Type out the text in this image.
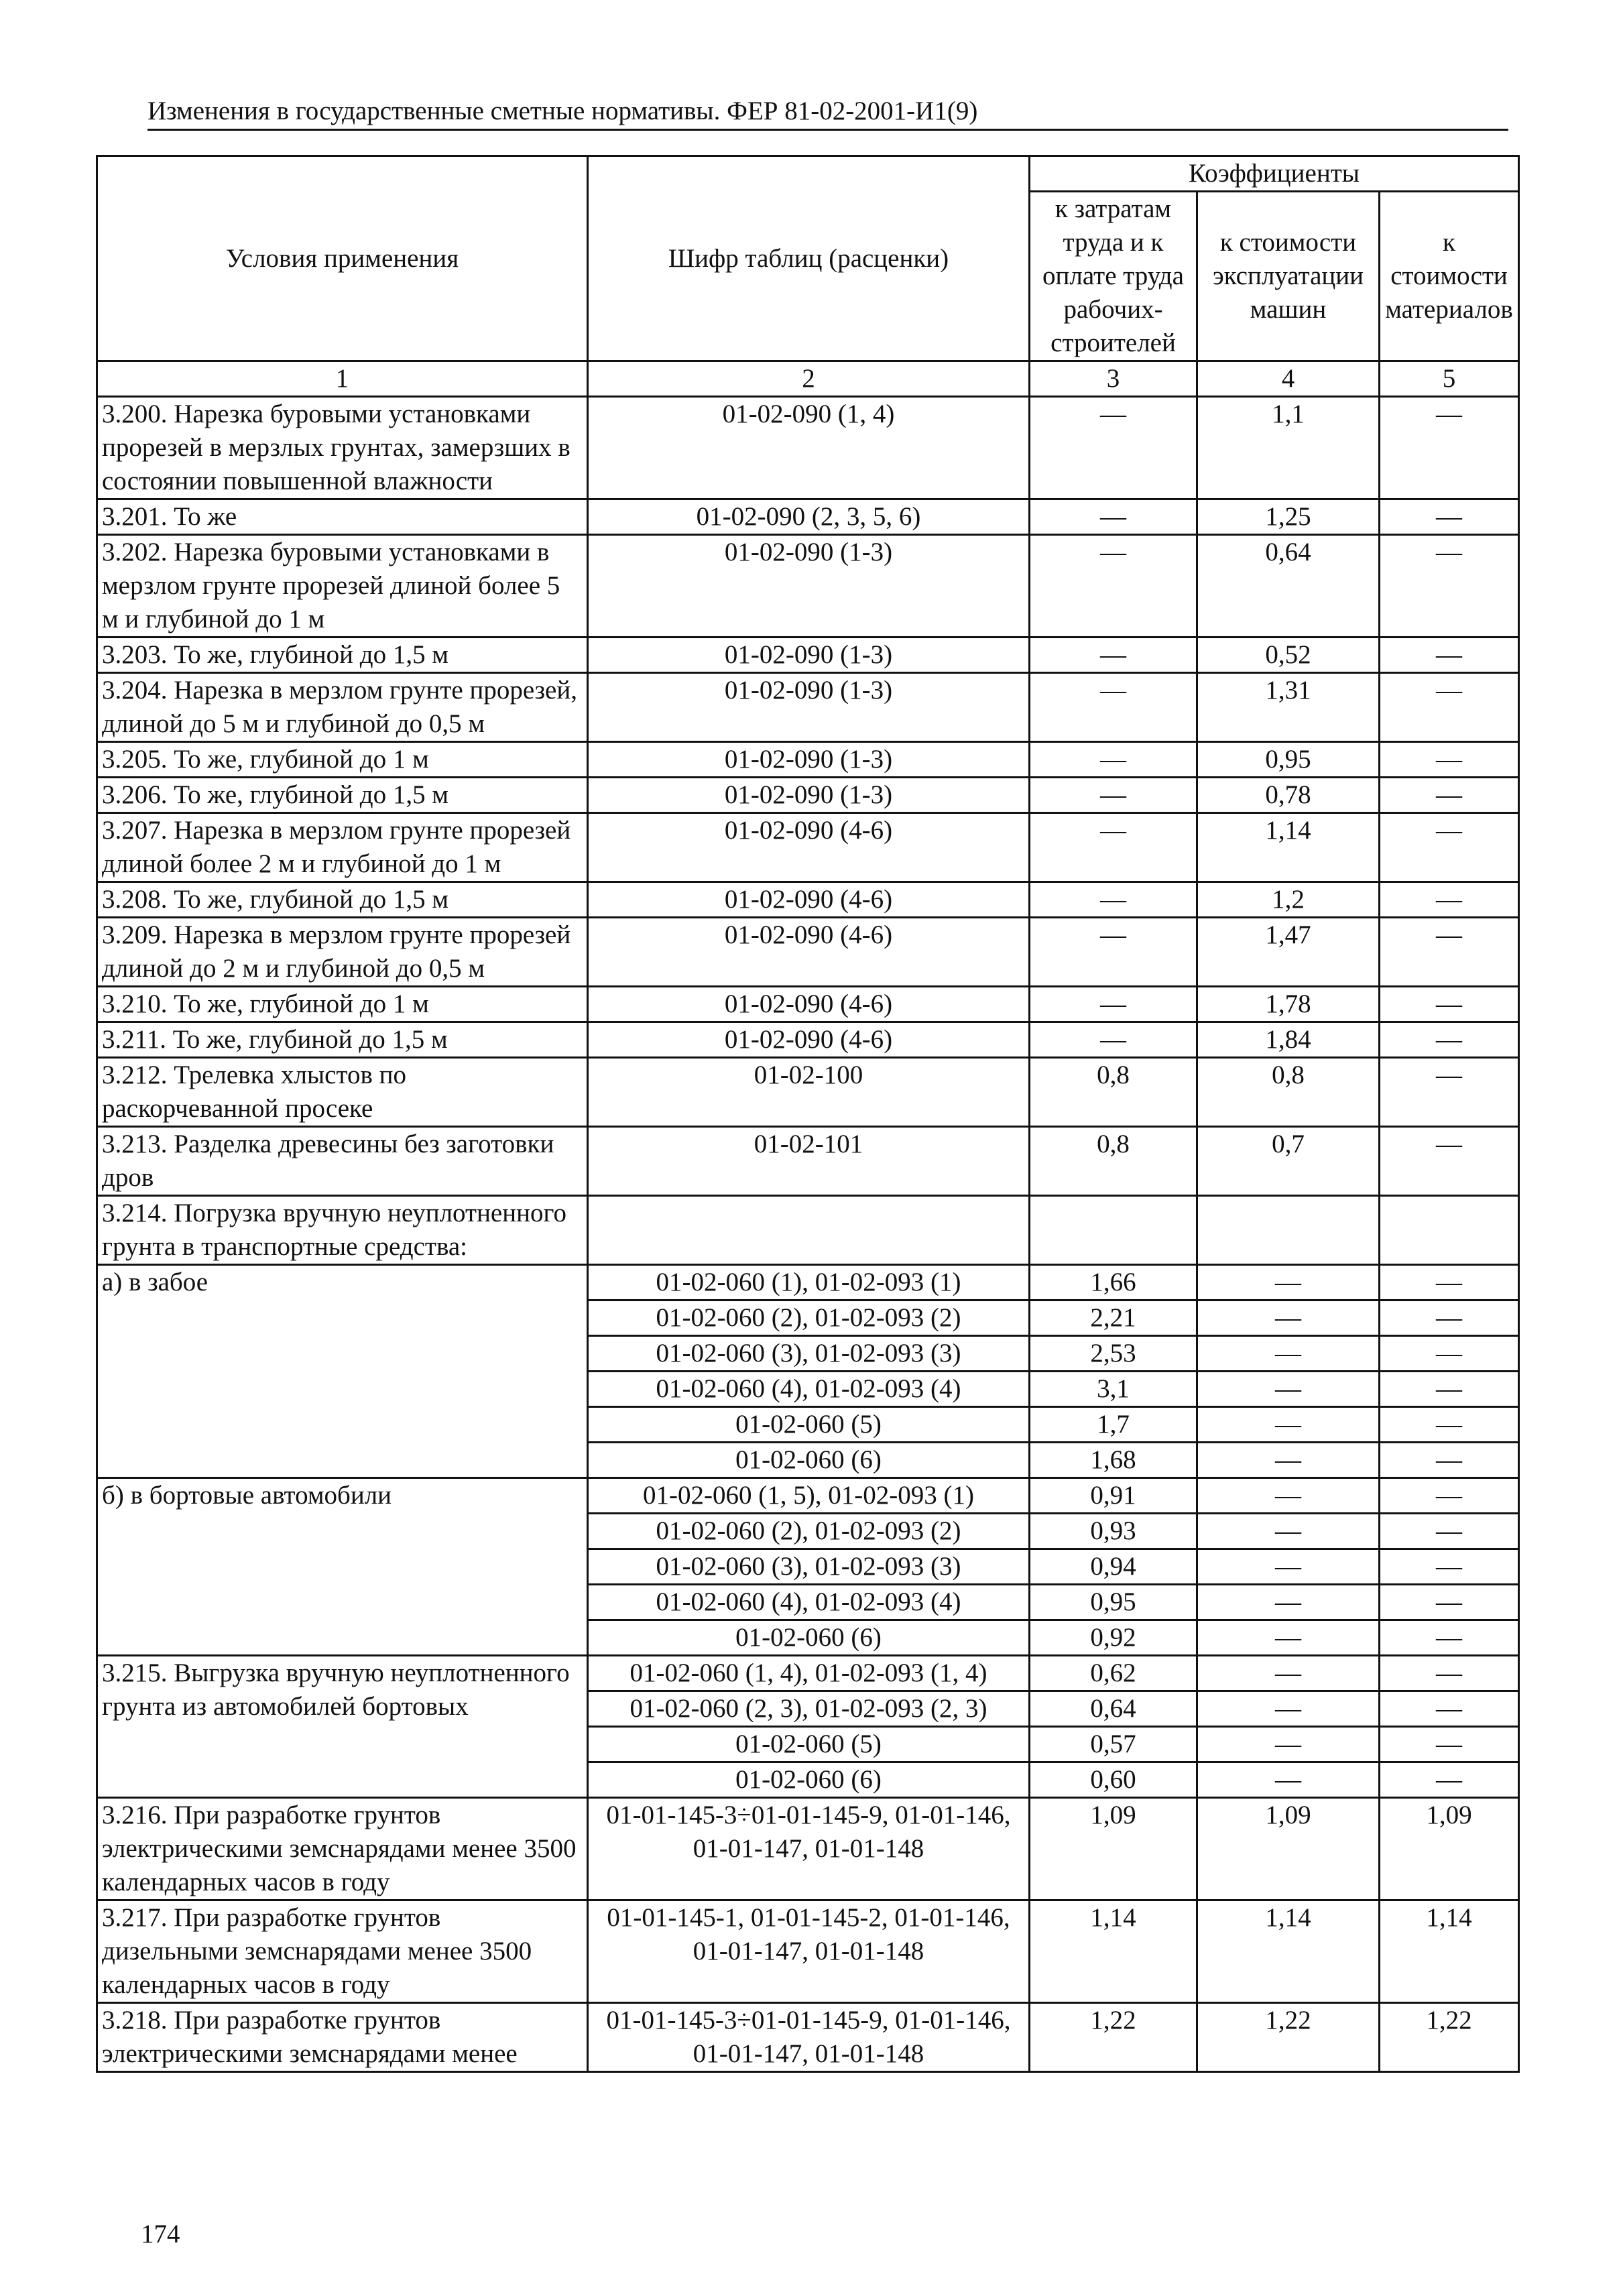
Изменения в государственные сметные нормативы. ФЕР 81-02-2001-И1(9)
Условия применения	Шифр таблиц (расценки)	Коэффициенты		
		к затратам труда и к оплате труда рабочих-строителей	к стоимости эксплуатации машин	к стоимости материалов
1	2	3	4	5
3.200. Нарезка буровыми установками прорезей в мерзлых грунтах, замерзших в состоянии повышенной влажности	01-02-090 (1, 4)	—	1,1	—
3.201. То же	01-02-090 (2, 3, 5, 6)	—	1,25	—
3.202. Нарезка буровыми установками в мерзлом грунте прорезей длиной более 5 м и глубиной до 1 м	01-02-090 (1-3)	—	0,64	—
3.203. То же, глубиной до 1,5 м	01-02-090 (1-3)	—	0,52	—
3.204. Нарезка в мерзлом грунте прорезей, длиной до 5 м и глубиной до 0,5 м	01-02-090 (1-3)	—	1,31	—
3.205. То же, глубиной до 1 м	01-02-090 (1-3)	—	0,95	—
3.206. То же, глубиной до 1,5 м	01-02-090 (1-3)	—	0,78	—
3.207. Нарезка в мерзлом грунте прорезей длиной более 2 м и глубиной до 1 м	01-02-090 (4-6)	—	1,14	—
3.208. То же, глубиной до 1,5 м	01-02-090 (4-6)	—	1,2	—
3.209. Нарезка в мерзлом грунте прорезей длиной до 2 м и глубиной до 0,5 м	01-02-090 (4-6)	—	1,47	—
3.210. То же, глубиной до 1 м	01-02-090 (4-6)	—	1,78	—
3.211. То же, глубиной до 1,5 м	01-02-090 (4-6)	—	1,84	—
3.212. Трелевка хлыстов по раскорчеванной просеке	01-02-100	0,8	0,8	—
3.213. Разделка древесины без заготовки дров	01-02-101	0,8	0,7	—
3.214. Погрузка вручную неуплотненного грунта в транспортные средства:				
а) в забое	01-02-060 (1), 01-02-093 (1)	1,66	—	—
	01-02-060 (2), 01-02-093 (2)	2,21	—	—
	01-02-060 (3), 01-02-093 (3)	2,53	—	—
	01-02-060 (4), 01-02-093 (4)	3,1	—	—
	01-02-060 (5)	1,7	—	—
	01-02-060 (6)	1,68	—	—
б) в бортовые автомобили	01-02-060 (1, 5), 01-02-093 (1)	0,91	—	—
	01-02-060 (2), 01-02-093 (2)	0,93	—	—
	01-02-060 (3), 01-02-093 (3)	0,94	—	—
	01-02-060 (4), 01-02-093 (4)	0,95	—	—
	01-02-060 (6)	0,92	—	—
3.215. Выгрузка вручную неуплотненного грунта из автомобилей бортовых	01-02-060 (1, 4), 01-02-093 (1, 4)	0,62	—	—
	01-02-060 (2, 3), 01-02-093 (2, 3)	0,64	—	—
	01-02-060 (5)	0,57	—	—
	01-02-060 (6)	0,60	—	—
3.216. При разработке грунтов электрическими земснарядами менее 3500 календарных часов в году	01-01-145-3÷01-01-145-9, 01-01-146, 01-01-147, 01-01-148	1,09	1,09	1,09
3.217. При разработке грунтов дизельными земснарядами менее 3500 календарных часов в году	01-01-145-1, 01-01-145-2, 01-01-146, 01-01-147, 01-01-148	1,14	1,14	1,14
3.218. При разработке грунтов электрическими земснарядами менее	01-01-145-3÷01-01-145-9, 01-01-146, 01-01-147, 01-01-148	1,22	1,22	1,22
174
